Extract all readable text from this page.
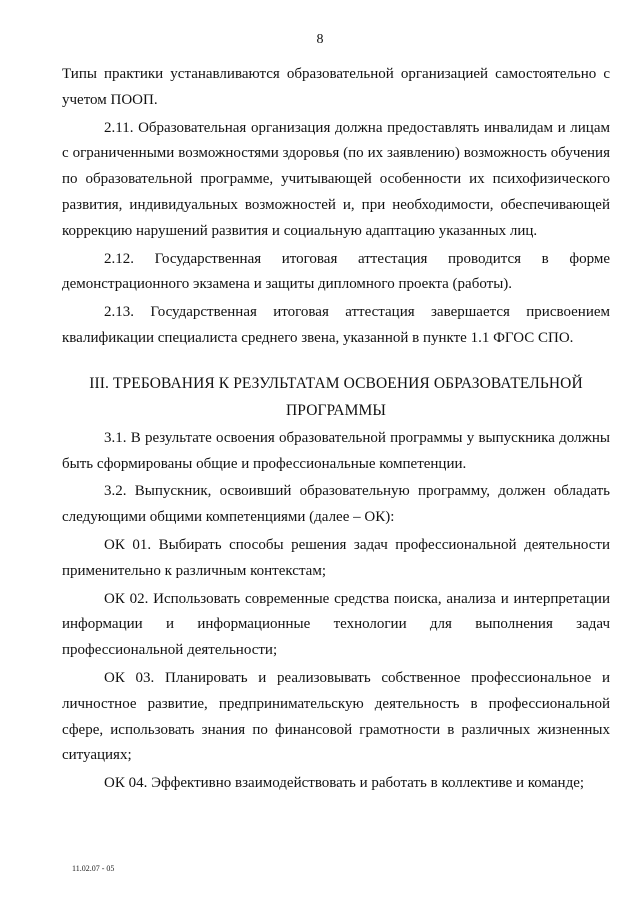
8

Типы практики устанавливаются образовательной организацией самостоятельно с учетом ПООП.

2.11. Образовательная организация должна предоставлять инвалидам и лицам с ограниченными возможностями здоровья (по их заявлению) возможность обучения по образовательной программе, учитывающей особенности их психофизического развития, индивидуальных возможностей и, при необходимости, обеспечивающей коррекцию нарушений развития и социальную адаптацию указанных лиц.

2.12. Государственная итоговая аттестация проводится в форме демонстрационного экзамена и защиты дипломного проекта (работы).

2.13. Государственная итоговая аттестация завершается присвоением квалификации специалиста среднего звена, указанной в пункте 1.1 ФГОС СПО.

III. ТРЕБОВАНИЯ К РЕЗУЛЬТАТАМ ОСВОЕНИЯ ОБРАЗОВАТЕЛЬНОЙ
ПРОГРАММЫ

3.1. В результате освоения образовательной программы у выпускника должны быть сформированы общие и профессиональные компетенции.

3.2. Выпускник, освоивший образовательную программу, должен обладать следующими общими компетенциями (далее – ОК):

ОК 01. Выбирать способы решения задач профессиональной деятельности применительно к различным контекстам;

ОК 02. Использовать современные средства поиска, анализа и интерпретации информации и информационные технологии для выполнения задач профессиональной деятельности;

ОК 03. Планировать и реализовывать собственное профессиональное и личностное развитие, предпринимательскую деятельность в профессиональной сфере, использовать знания по финансовой грамотности в различных жизненных ситуациях;

ОК 04. Эффективно взаимодействовать и работать в коллективе и команде;

11.02.07 - 05
